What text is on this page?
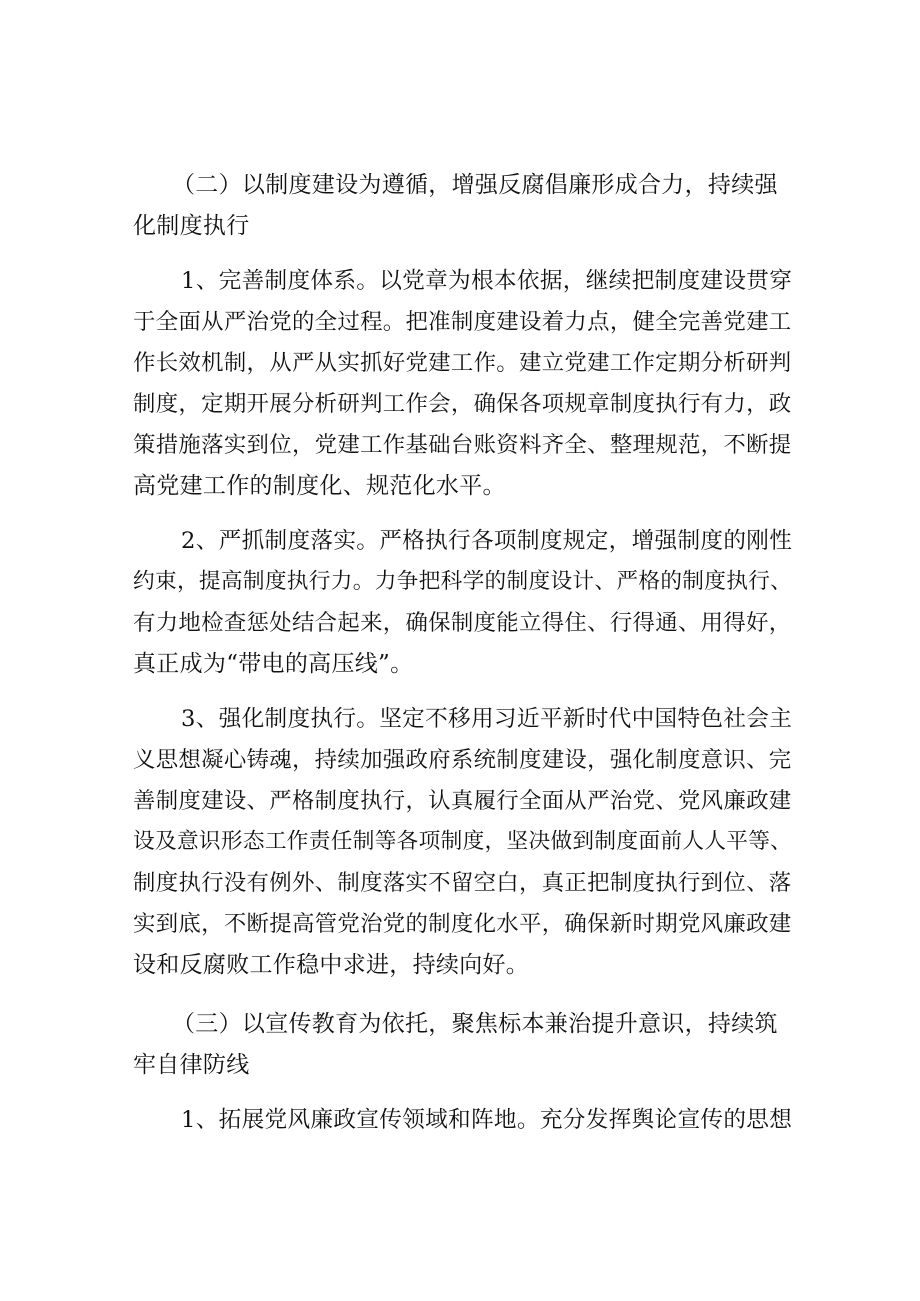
（二）以制度建设为遵循，增强反腐倡廉形成合力，持续强
化制度执行
1、完善制度体系。以党章为根本依据，继续把制度建设贯穿
于全面从严治党的全过程。把准制度建设着力点，健全完善党建工
作长效机制，从严从实抓好党建工作。建立党建工作定期分析研判
制度，定期开展分析研判工作会，确保各项规章制度执行有力，政
策措施落实到位，党建工作基础台账资料齐全、整理规范，不断提
高党建工作的制度化、规范化水平。
2、严抓制度落实。严格执行各项制度规定，增强制度的刚性
约束，提高制度执行力。力争把科学的制度设计、严格的制度执行、
有力地检查惩处结合起来，确保制度能立得住、行得通、用得好，
真正成为“带电的高压线”。
3、强化制度执行。坚定不移用习近平新时代中国特色社会主
义思想凝心铸魂，持续加强政府系统制度建设，强化制度意识、完
善制度建设、严格制度执行，认真履行全面从严治党、党风廉政建
设及意识形态工作责任制等各项制度，坚决做到制度面前人人平等、
制度执行没有例外、制度落实不留空白，真正把制度执行到位、落
实到底，不断提高管党治党的制度化水平，确保新时期党风廉政建
设和反腐败工作稳中求进，持续向好。
（三）以宣传教育为依托，聚焦标本兼治提升意识，持续筑
牢自律防线
1、拓展党风廉政宣传领域和阵地。充分发挥舆论宣传的思想
